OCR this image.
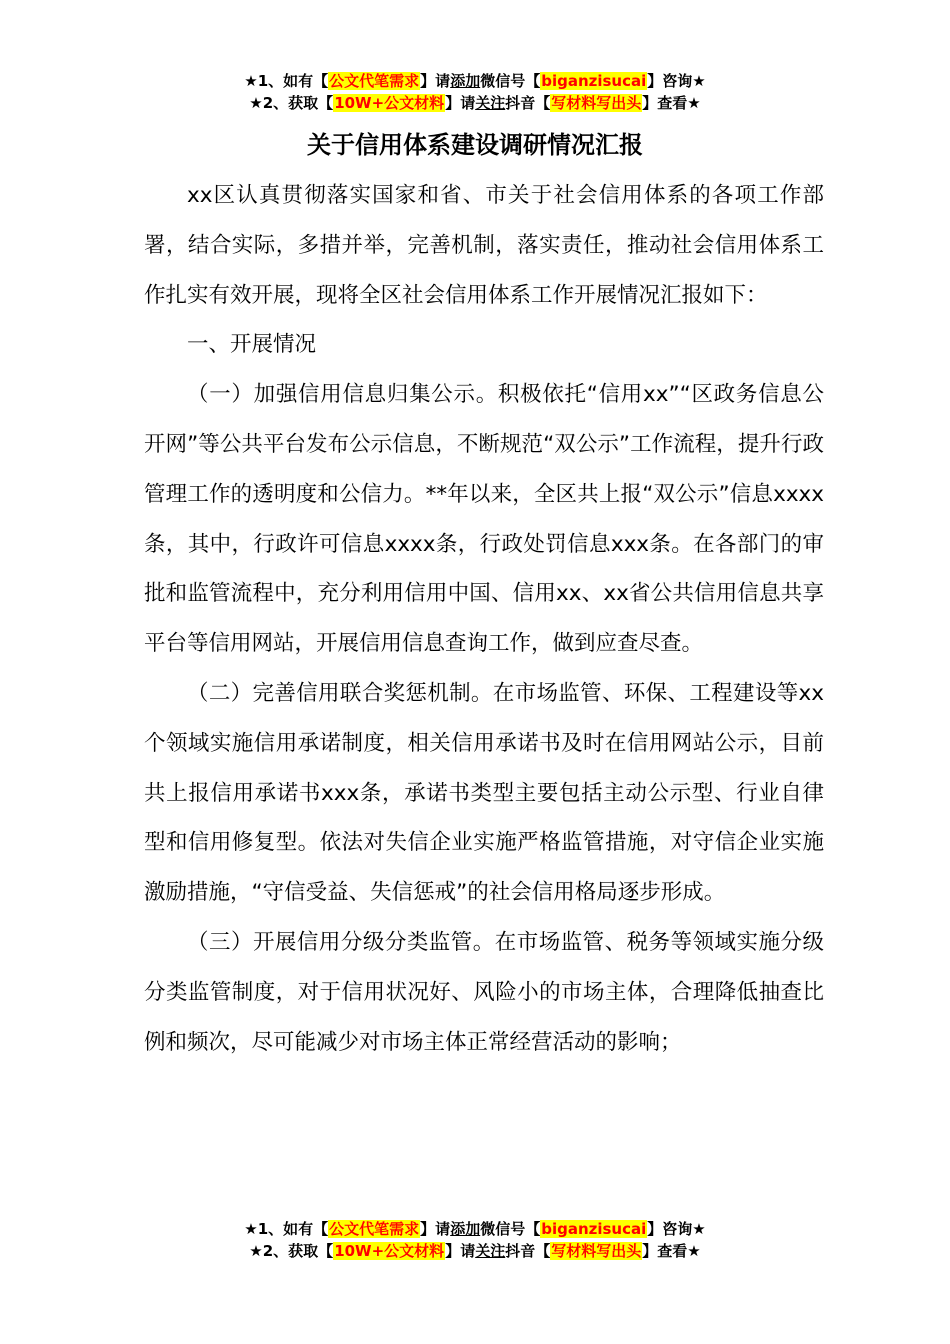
★1、如有【公文代笔需求】请添加微信号【biganzisucai】咨询★
★2、获取【10W+公文材料】请关注抖音【写材料写出头】查看★
关于信用体系建设调研情况汇报

xx区认真贯彻落实国家和省、市关于社会信用体系的各项工作部署，结合实际，多措并举，完善机制，落实责任，推动社会信用体系工作扎实有效开展，现将全区社会信用体系工作开展情况汇报如下：

一、开展情况

（一）加强信用信息归集公示。积极依托“信用xx”“区政务信息公开网”等公共平台发布公示信息，不断规范“双公示”工作流程，提升行政管理工作的透明度和公信力。**年以来，全区共上报“双公示”信息xxxx条，其中，行政许可信息xxxx条，行政处罚信息xxx条。在各部门的审批和监管流程中，充分利用信用中国、信用xx、xx省公共信用信息共享平台等信用网站，开展信用信息查询工作，做到应查尽查。

（二）完善信用联合奖惩机制。在市场监管、环保、工程建设等xx个领域实施信用承诺制度，相关信用承诺书及时在信用网站公示，目前共上报信用承诺书xxx条，承诺书类型主要包括主动公示型、行业自律型和信用修复型。依法对失信企业实施严格监管措施，对守信企业实施激励措施，“守信受益、失信惩戒”的社会信用格局逐步形成。

（三）开展信用分级分类监管。在市场监管、税务等领域实施分级分类监管制度，对于信用状况好、风险小的市场主体，合理降低抽查比例和频次，尽可能减少对市场主体正常经营活动的影响；

★1、如有【公文代笔需求】请添加微信号【biganzisucai】咨询★
★2、获取【10W+公文材料】请关注抖音【写材料写出头】查看★
